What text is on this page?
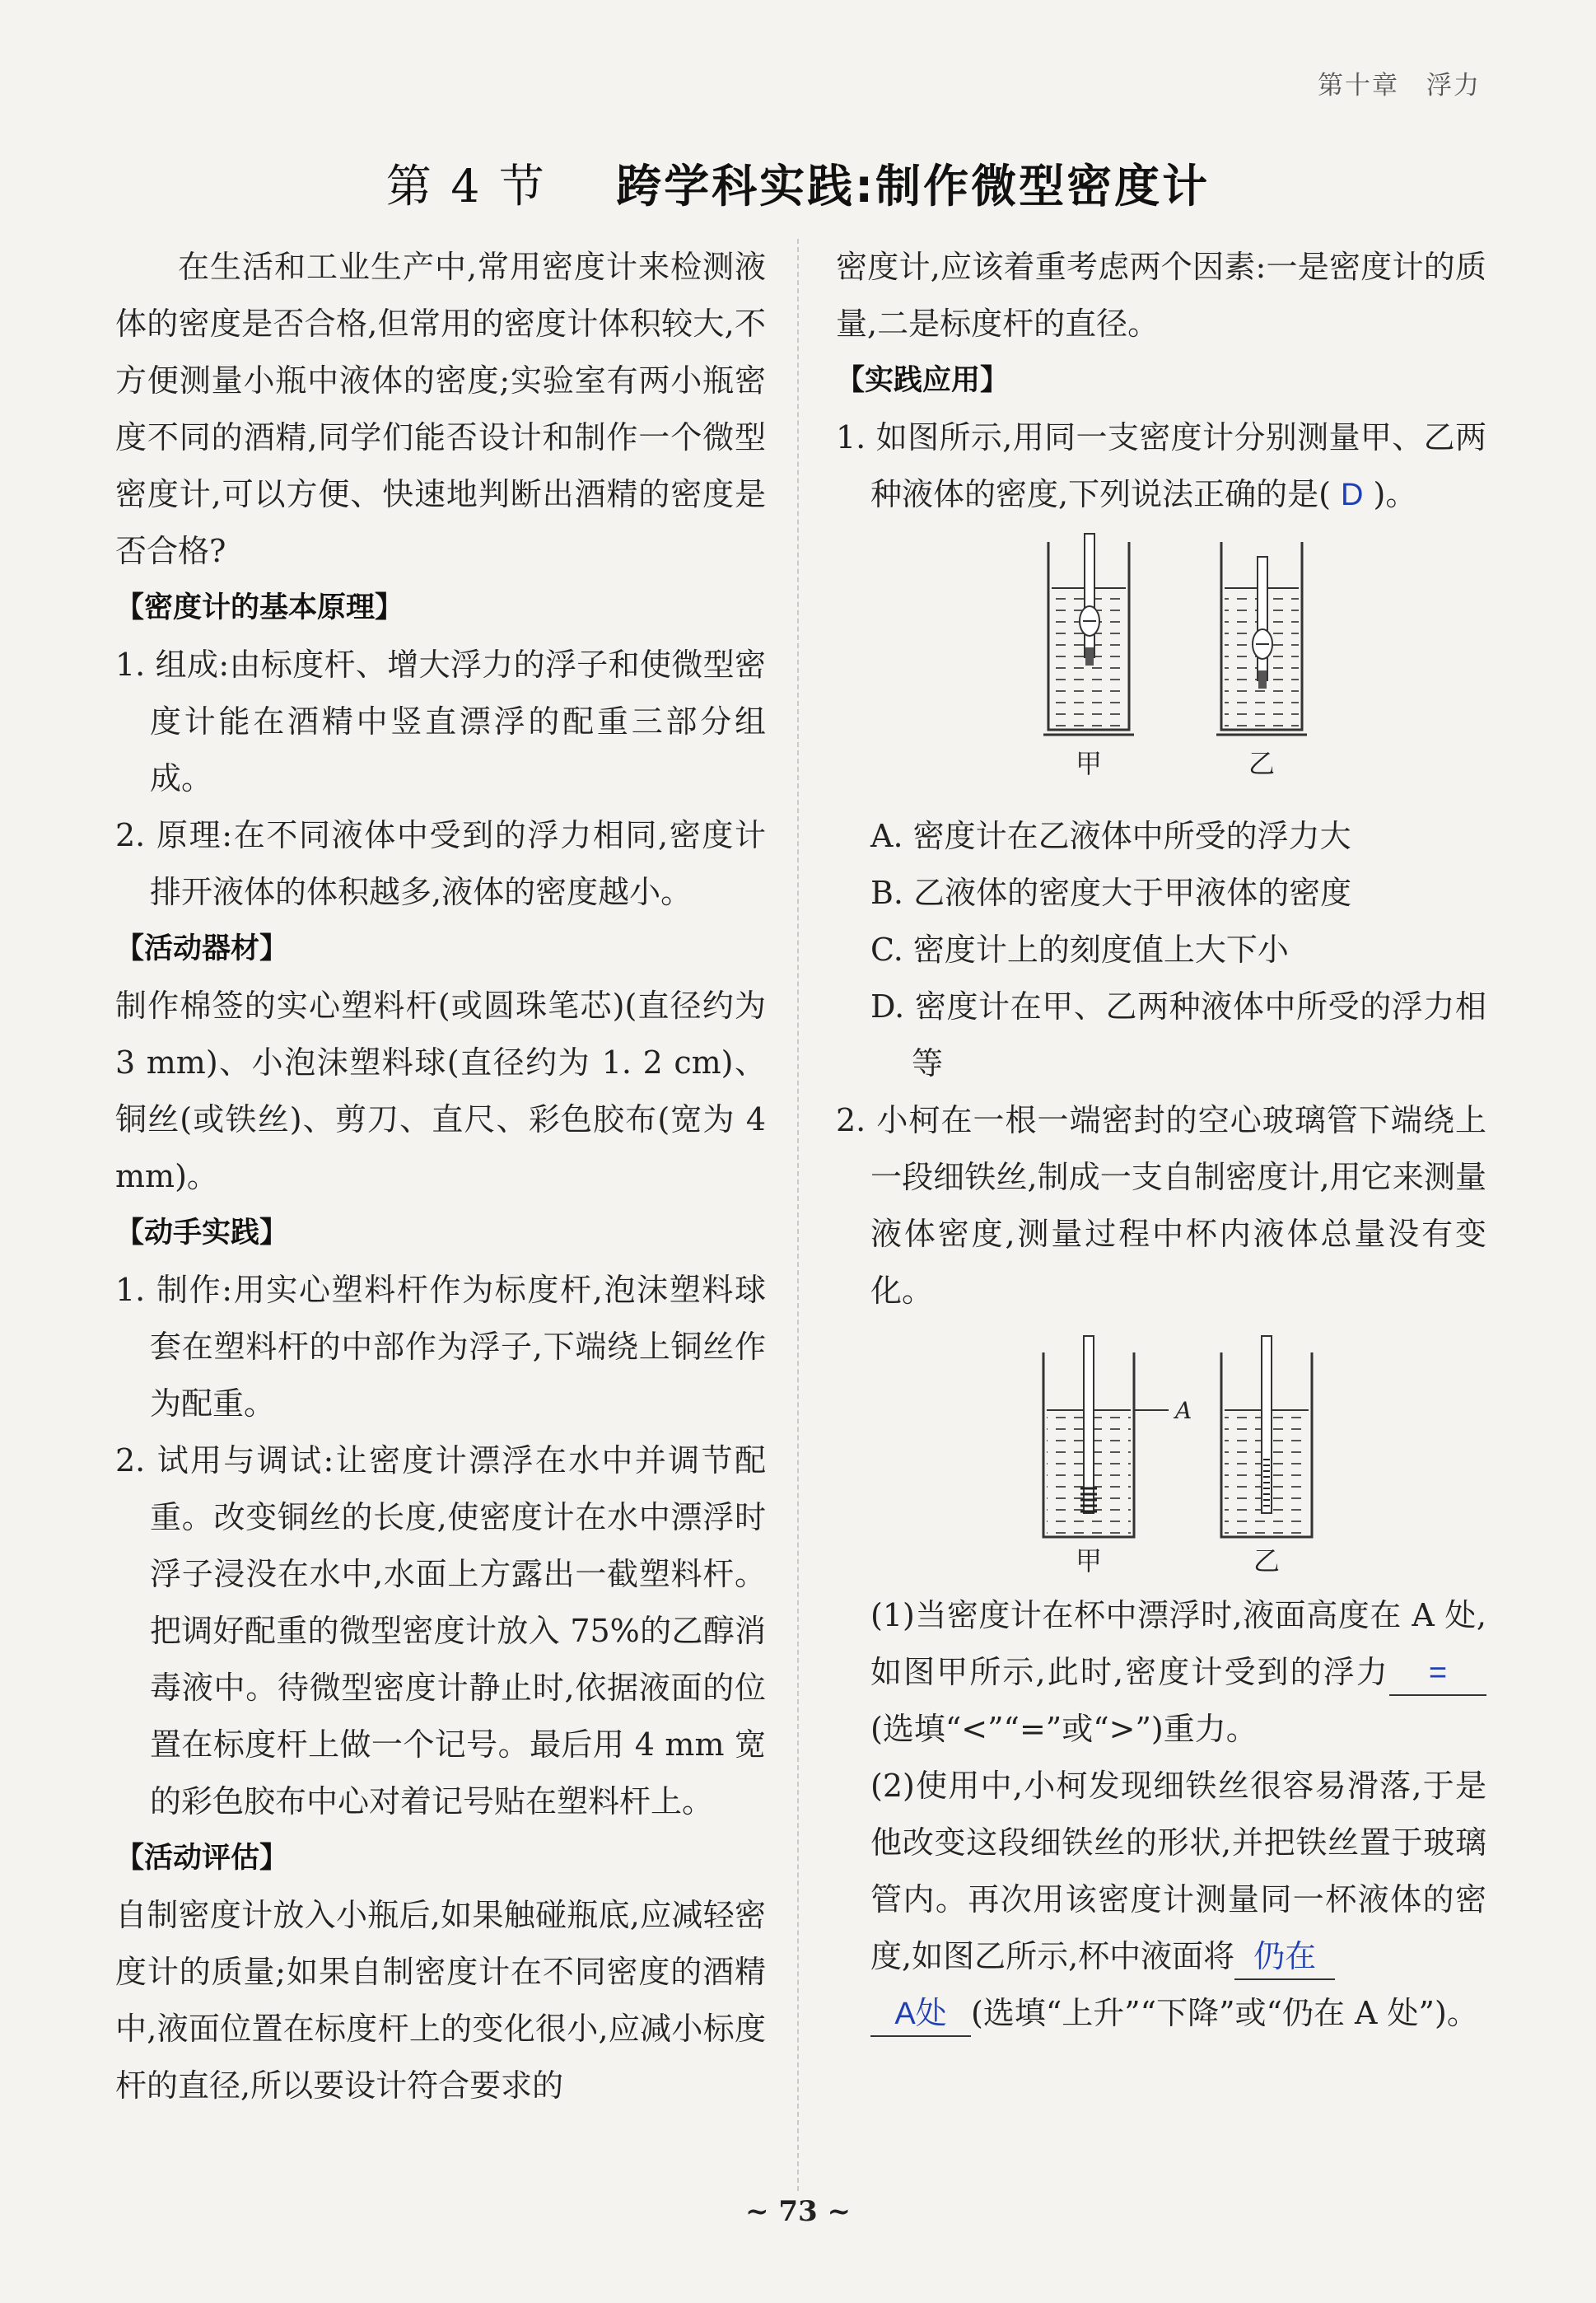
第十章　浮力
第 4 节 跨学科实践:制作微型密度计

在生活和工业生产中,常用密度计来检测液体的密度是否合格,但常用的密度计体积较大,不方便测量小瓶中液体的密度;实验室有两小瓶密度不同的酒精,同学们能否设计和制作一个微型密度计,可以方便、快速地判断出酒精的密度是否合格?

【密度计的基本原理】

1. 组成:由标度杆、增大浮力的浮子和使微型密度计能在酒精中竖直漂浮的配重三部分组成。

2. 原理:在不同液体中受到的浮力相同,密度计排开液体的体积越多,液体的密度越小。

【活动器材】

制作棉签的实心塑料杆(或圆珠笔芯)(直径约为 3 mm)、小泡沫塑料球(直径约为 1. 2 cm)、铜丝(或铁丝)、剪刀、直尺、彩色胶布(宽为 4 mm)。

【动手实践】

1. 制作:用实心塑料杆作为标度杆,泡沫塑料球套在塑料杆的中部作为浮子,下端绕上铜丝作为配重。

2. 试用与调试:让密度计漂浮在水中并调节配重。改变铜丝的长度,使密度计在水中漂浮时浮子浸没在水中,水面上方露出一截塑料杆。把调好配重的微型密度计放入 75%的乙醇消毒液中。待微型密度计静止时,依据液面的位置在标度杆上做一个记号。最后用 4 mm 宽的彩色胶布中心对着记号贴在塑料杆上。

【活动评估】

自制密度计放入小瓶后,如果触碰瓶底,应减轻密度计的质量;如果自制密度计在不同密度的酒精中,液面位置在标度杆上的变化很小,应减小标度杆的直径,所以要设计符合要求的

密度计,应该着重考虑两个因素:一是密度计的质量,二是标度杆的直径。

【实践应用】

1. 如图所示,用同一支密度计分别测量甲、乙两种液体的密度,下列说法正确的是( D )。

甲	乙

A. 密度计在乙液体中所受的浮力大

B. 乙液体的密度大于甲液体的密度

C. 密度计上的刻度值上大下小

D. 密度计在甲、乙两种液体中所受的浮力相等

2. 小柯在一根一端密封的空心玻璃管下端绕上一段细铁丝,制成一支自制密度计,用它来测量液体密度,测量过程中杯内液体总量没有变化。

A
甲	乙

(1)当密度计在杯中漂浮时,液面高度在 A 处,如图甲所示,此时,密度计受到的浮力 =(选填“<”“=”或“>”)重力。

(2)使用中,小柯发现细铁丝很容易滑落,于是他改变这段细铁丝的形状,并把铁丝置于玻璃管内。再次用该密度计测量同一杯液体的密度,如图乙所示,杯中液面将 仍在
A处 (选填“上升”“下降”或“仍在 A 处”)。

~ 73 ~
